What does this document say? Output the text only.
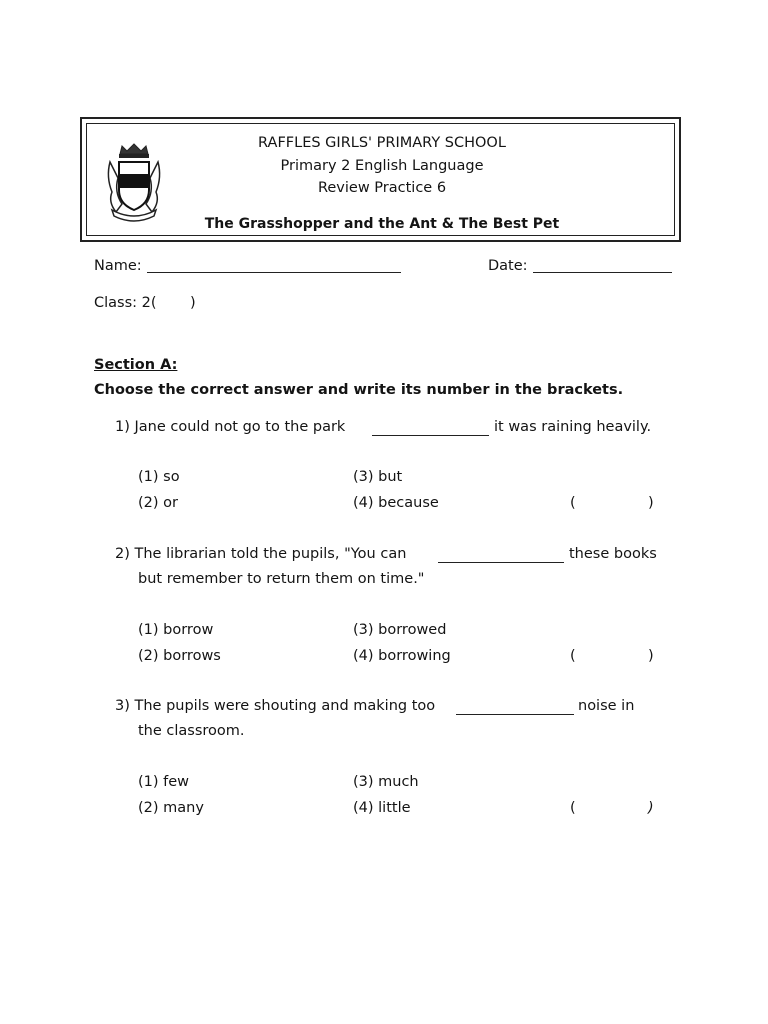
RAFFLES GIRLS' PRIMARY SCHOOL
Primary 2 English Language
Review Practice 6
The Grasshopper and the Ant & The Best Pet
Name:	Date:
Class: 2( )
Section A:
Choose the correct answer and write its number in the brackets.
1) Jane could not go to the park	it was raining heavily.
(1) so
(2) or
(3) but
(4) because	(	)
2) The librarian told the pupils, "You can	these books
but remember to return them on time."
(1) borrow
(2) borrows
(3) borrowed
(4) borrowing	(	)
3) The pupils were shouting and making too	noise in
the classroom.
(1) few
(2) many
(3) much
(4) little	(	)
